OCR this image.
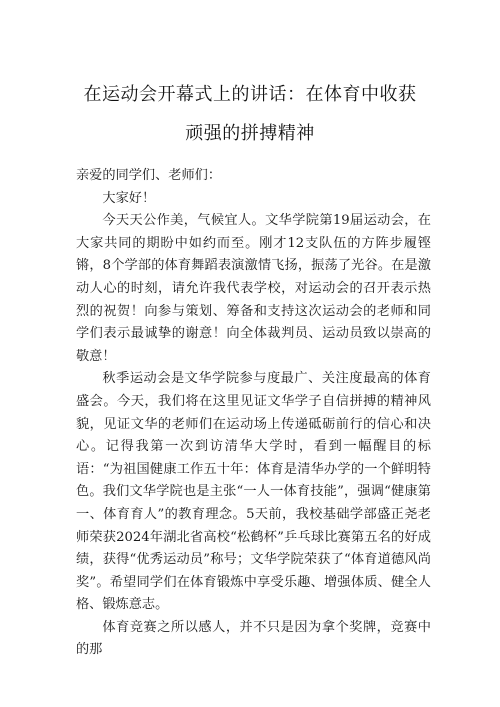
在运动会开幕式上的讲话：在体育中收获
顽强的拼搏精神

亲爱的同学们、老师们：

大家好！

今天天公作美，气候宜人。文华学院第19届运动会，在大家共同的期盼中如约而至。刚才12支队伍的方阵步履铿锵，8个学部的体育舞蹈表演激情飞扬，振荡了光谷。在是激动人心的时刻，请允许我代表学校，对运动会的召开表示热烈的祝贺！向参与策划、筹备和支持这次运动会的老师和同学们表示最诚挚的谢意！向全体裁判员、运动员致以崇高的敬意！

秋季运动会是文华学院参与度最广、关注度最高的体育盛会。今天，我们将在这里见证文华学子自信拼搏的精神风貌，见证文华的老师们在运动场上传递砥砺前行的信心和决心。记得我第一次到访清华大学时，看到一幅醒目的标语：“为祖国健康工作五十年：体育是清华办学的一个鲜明特色。我们文华学院也是主张“一人一体育技能”，强调“健康第一、体育育人”的教育理念。5天前，我校基础学部盛正尧老师荣获2024年湖北省高校“松鹤杯”乒乓球比赛第五名的好成绩，获得“优秀运动员”称号；文华学院荣获了“体育道德风尚奖”。希望同学们在体育锻炼中享受乐趣、增强体质、健全人格、锻炼意志。

体育竞赛之所以感人，并不只是因为拿个奖牌，竞赛中的那
